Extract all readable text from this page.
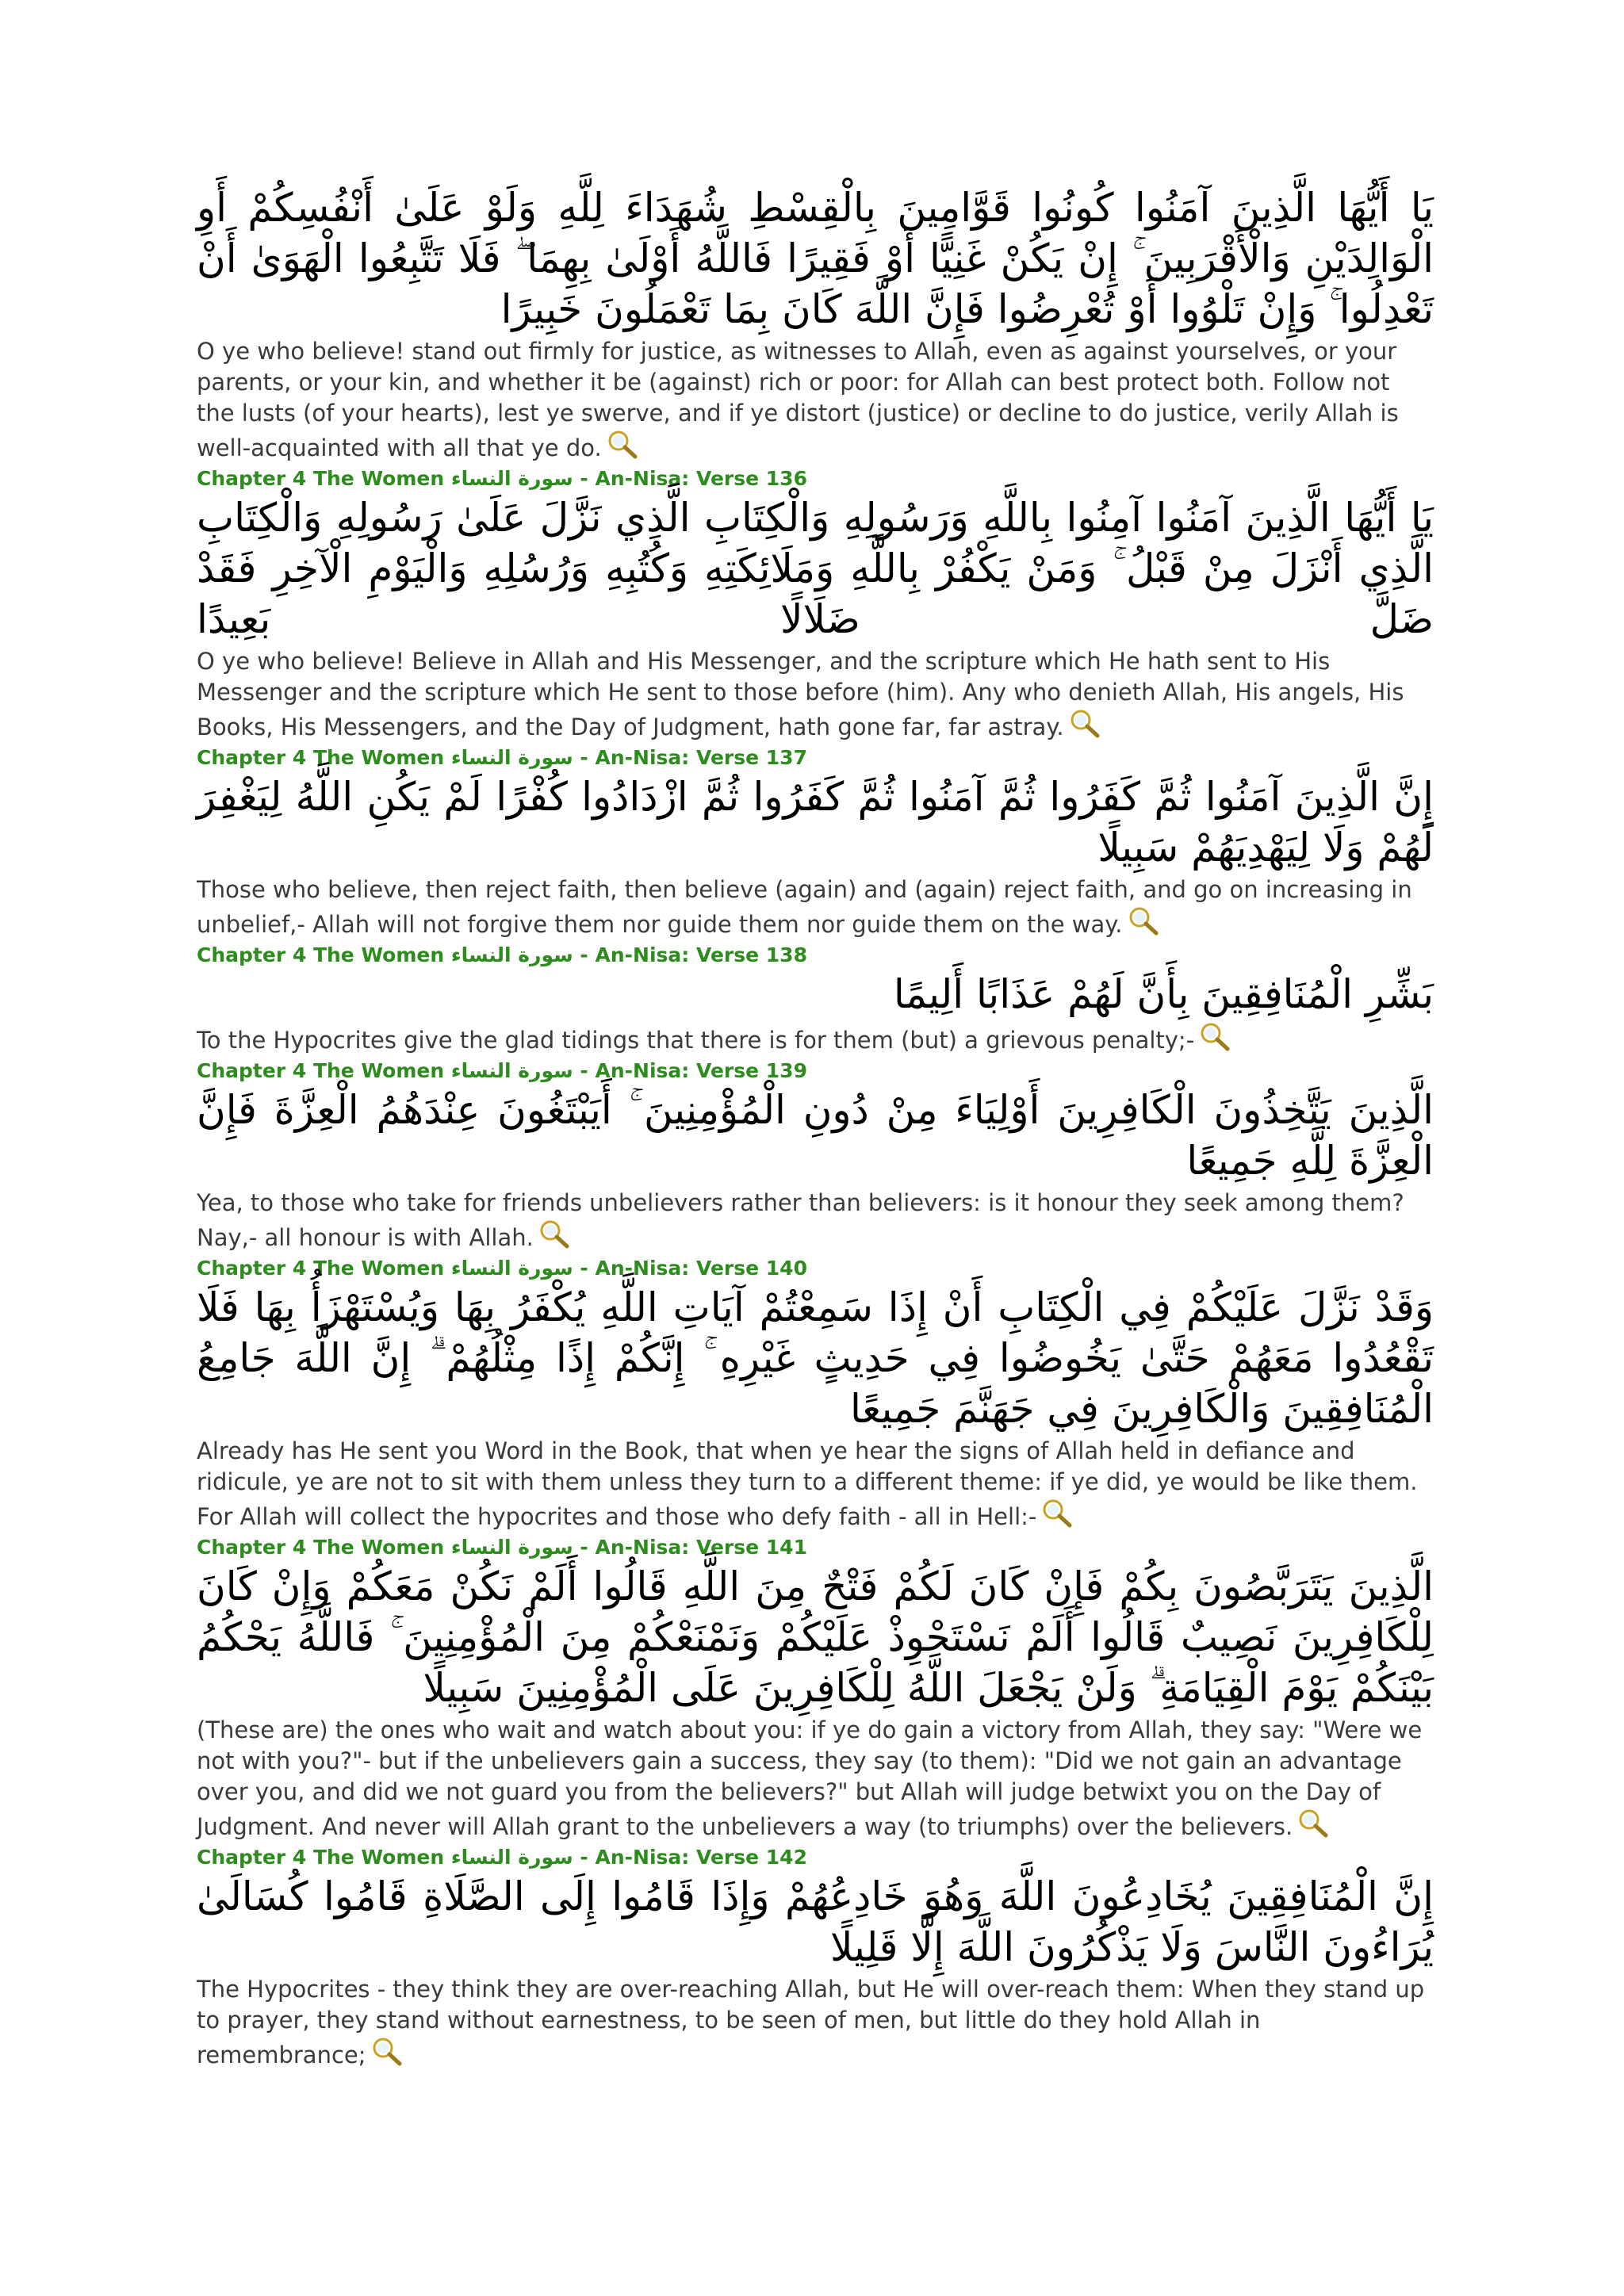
يَا أَيُّهَا الَّذِينَ آمَنُوا كُونُوا قَوَّامِينَ بِالْقِسْطِ شُهَدَاءَ لِلَّهِ وَلَوْ عَلَىٰ أَنْفُسِكُمْ أَوِ الْوَالِدَيْنِ وَالْأَقْرَبِينَ ۚ إِنْ يَكُنْ غَنِيًّا أَوْ فَقِيرًا فَاللَّهُ أَوْلَىٰ بِهِمَا ۖ فَلَا تَتَّبِعُوا الْهَوَىٰ أَنْ تَعْدِلُوا ۚ وَإِنْ تَلْوُوا أَوْ تُعْرِضُوا فَإِنَّ اللَّهَ كَانَ بِمَا تَعْمَلُونَ خَبِيرًا

O ye who believe! stand out firmly for justice, as witnesses to Allah, even as against yourselves, or your parents, or your kin, and whether it be (against) rich or poor: for Allah can best protect both. Follow not the lusts (of your hearts), lest ye swerve, and if ye distort (justice) or decline to do justice, verily Allah is well-acquainted with all that ye do.

Chapter 4 The Women سورة النساء - An-Nisa: Verse 136

يَا أَيُّهَا الَّذِينَ آمَنُوا آمِنُوا بِاللَّهِ وَرَسُولِهِ وَالْكِتَابِ الَّذِي نَزَّلَ عَلَىٰ رَسُولِهِ وَالْكِتَابِ الَّذِي أَنْزَلَ مِنْ قَبْلُ ۚ وَمَنْ يَكْفُرْ بِاللَّهِ وَمَلَائِكَتِهِ وَكُتُبِهِ وَرُسُلِهِ وَالْيَوْمِ الْآخِرِ فَقَدْ ضَلَّ ضَلَالًا بَعِيدًا

O ye who believe! Believe in Allah and His Messenger, and the scripture which He hath sent to His Messenger and the scripture which He sent to those before (him). Any who denieth Allah, His angels, His Books, His Messengers, and the Day of Judgment, hath gone far, far astray.

Chapter 4 The Women سورة النساء - An-Nisa: Verse 137

إِنَّ الَّذِينَ آمَنُوا ثُمَّ كَفَرُوا ثُمَّ آمَنُوا ثُمَّ كَفَرُوا ثُمَّ ازْدَادُوا كُفْرًا لَمْ يَكُنِ اللَّهُ لِيَغْفِرَ لَهُمْ وَلَا لِيَهْدِيَهُمْ سَبِيلًا

Those who believe, then reject faith, then believe (again) and (again) reject faith, and go on increasing in unbelief,- Allah will not forgive them nor guide them nor guide them on the way.

Chapter 4 The Women سورة النساء - An-Nisa: Verse 138

بَشِّرِ الْمُنَافِقِينَ بِأَنَّ لَهُمْ عَذَابًا أَلِيمًا

To the Hypocrites give the glad tidings that there is for them (but) a grievous penalty;-

Chapter 4 The Women سورة النساء - An-Nisa: Verse 139

الَّذِينَ يَتَّخِذُونَ الْكَافِرِينَ أَوْلِيَاءَ مِنْ دُونِ الْمُؤْمِنِينَ ۚ أَيَبْتَغُونَ عِنْدَهُمُ الْعِزَّةَ فَإِنَّ الْعِزَّةَ لِلَّهِ جَمِيعًا

Yea, to those who take for friends unbelievers rather than believers: is it honour they seek among them? Nay,- all honour is with Allah.

Chapter 4 The Women سورة النساء - An-Nisa: Verse 140

وَقَدْ نَزَّلَ عَلَيْكُمْ فِي الْكِتَابِ أَنْ إِذَا سَمِعْتُمْ آيَاتِ اللَّهِ يُكْفَرُ بِهَا وَيُسْتَهْزَأُ بِهَا فَلَا تَقْعُدُوا مَعَهُمْ حَتَّىٰ يَخُوضُوا فِي حَدِيثٍ غَيْرِهِ ۚ إِنَّكُمْ إِذًا مِثْلُهُمْ ۗ إِنَّ اللَّهَ جَامِعُ الْمُنَافِقِينَ وَالْكَافِرِينَ فِي جَهَنَّمَ جَمِيعًا

Already has He sent you Word in the Book, that when ye hear the signs of Allah held in defiance and ridicule, ye are not to sit with them unless they turn to a different theme: if ye did, ye would be like them. For Allah will collect the hypocrites and those who defy faith - all in Hell:-

Chapter 4 The Women سورة النساء - An-Nisa: Verse 141

الَّذِينَ يَتَرَبَّصُونَ بِكُمْ فَإِنْ كَانَ لَكُمْ فَتْحٌ مِنَ اللَّهِ قَالُوا أَلَمْ نَكُنْ مَعَكُمْ وَإِنْ كَانَ لِلْكَافِرِينَ نَصِيبٌ قَالُوا أَلَمْ نَسْتَحْوِذْ عَلَيْكُمْ وَنَمْنَعْكُمْ مِنَ الْمُؤْمِنِينَ ۚ فَاللَّهُ يَحْكُمُ بَيْنَكُمْ يَوْمَ الْقِيَامَةِ ۗ وَلَنْ يَجْعَلَ اللَّهُ لِلْكَافِرِينَ عَلَى الْمُؤْمِنِينَ سَبِيلًا

(These are) the ones who wait and watch about you: if ye do gain a victory from Allah, they say: "Were we not with you?"- but if the unbelievers gain a success, they say (to them): "Did we not gain an advantage over you, and did we not guard you from the believers?" but Allah will judge betwixt you on the Day of Judgment. And never will Allah grant to the unbelievers a way (to triumphs) over the believers.

Chapter 4 The Women سورة النساء - An-Nisa: Verse 142

إِنَّ الْمُنَافِقِينَ يُخَادِعُونَ اللَّهَ وَهُوَ خَادِعُهُمْ وَإِذَا قَامُوا إِلَى الصَّلَاةِ قَامُوا كُسَالَىٰ يُرَاءُونَ النَّاسَ وَلَا يَذْكُرُونَ اللَّهَ إِلَّا قَلِيلًا

The Hypocrites - they think they are over-reaching Allah, but He will over-reach them: When they stand up to prayer, they stand without earnestness, to be seen of men, but little do they hold Allah in remembrance;
